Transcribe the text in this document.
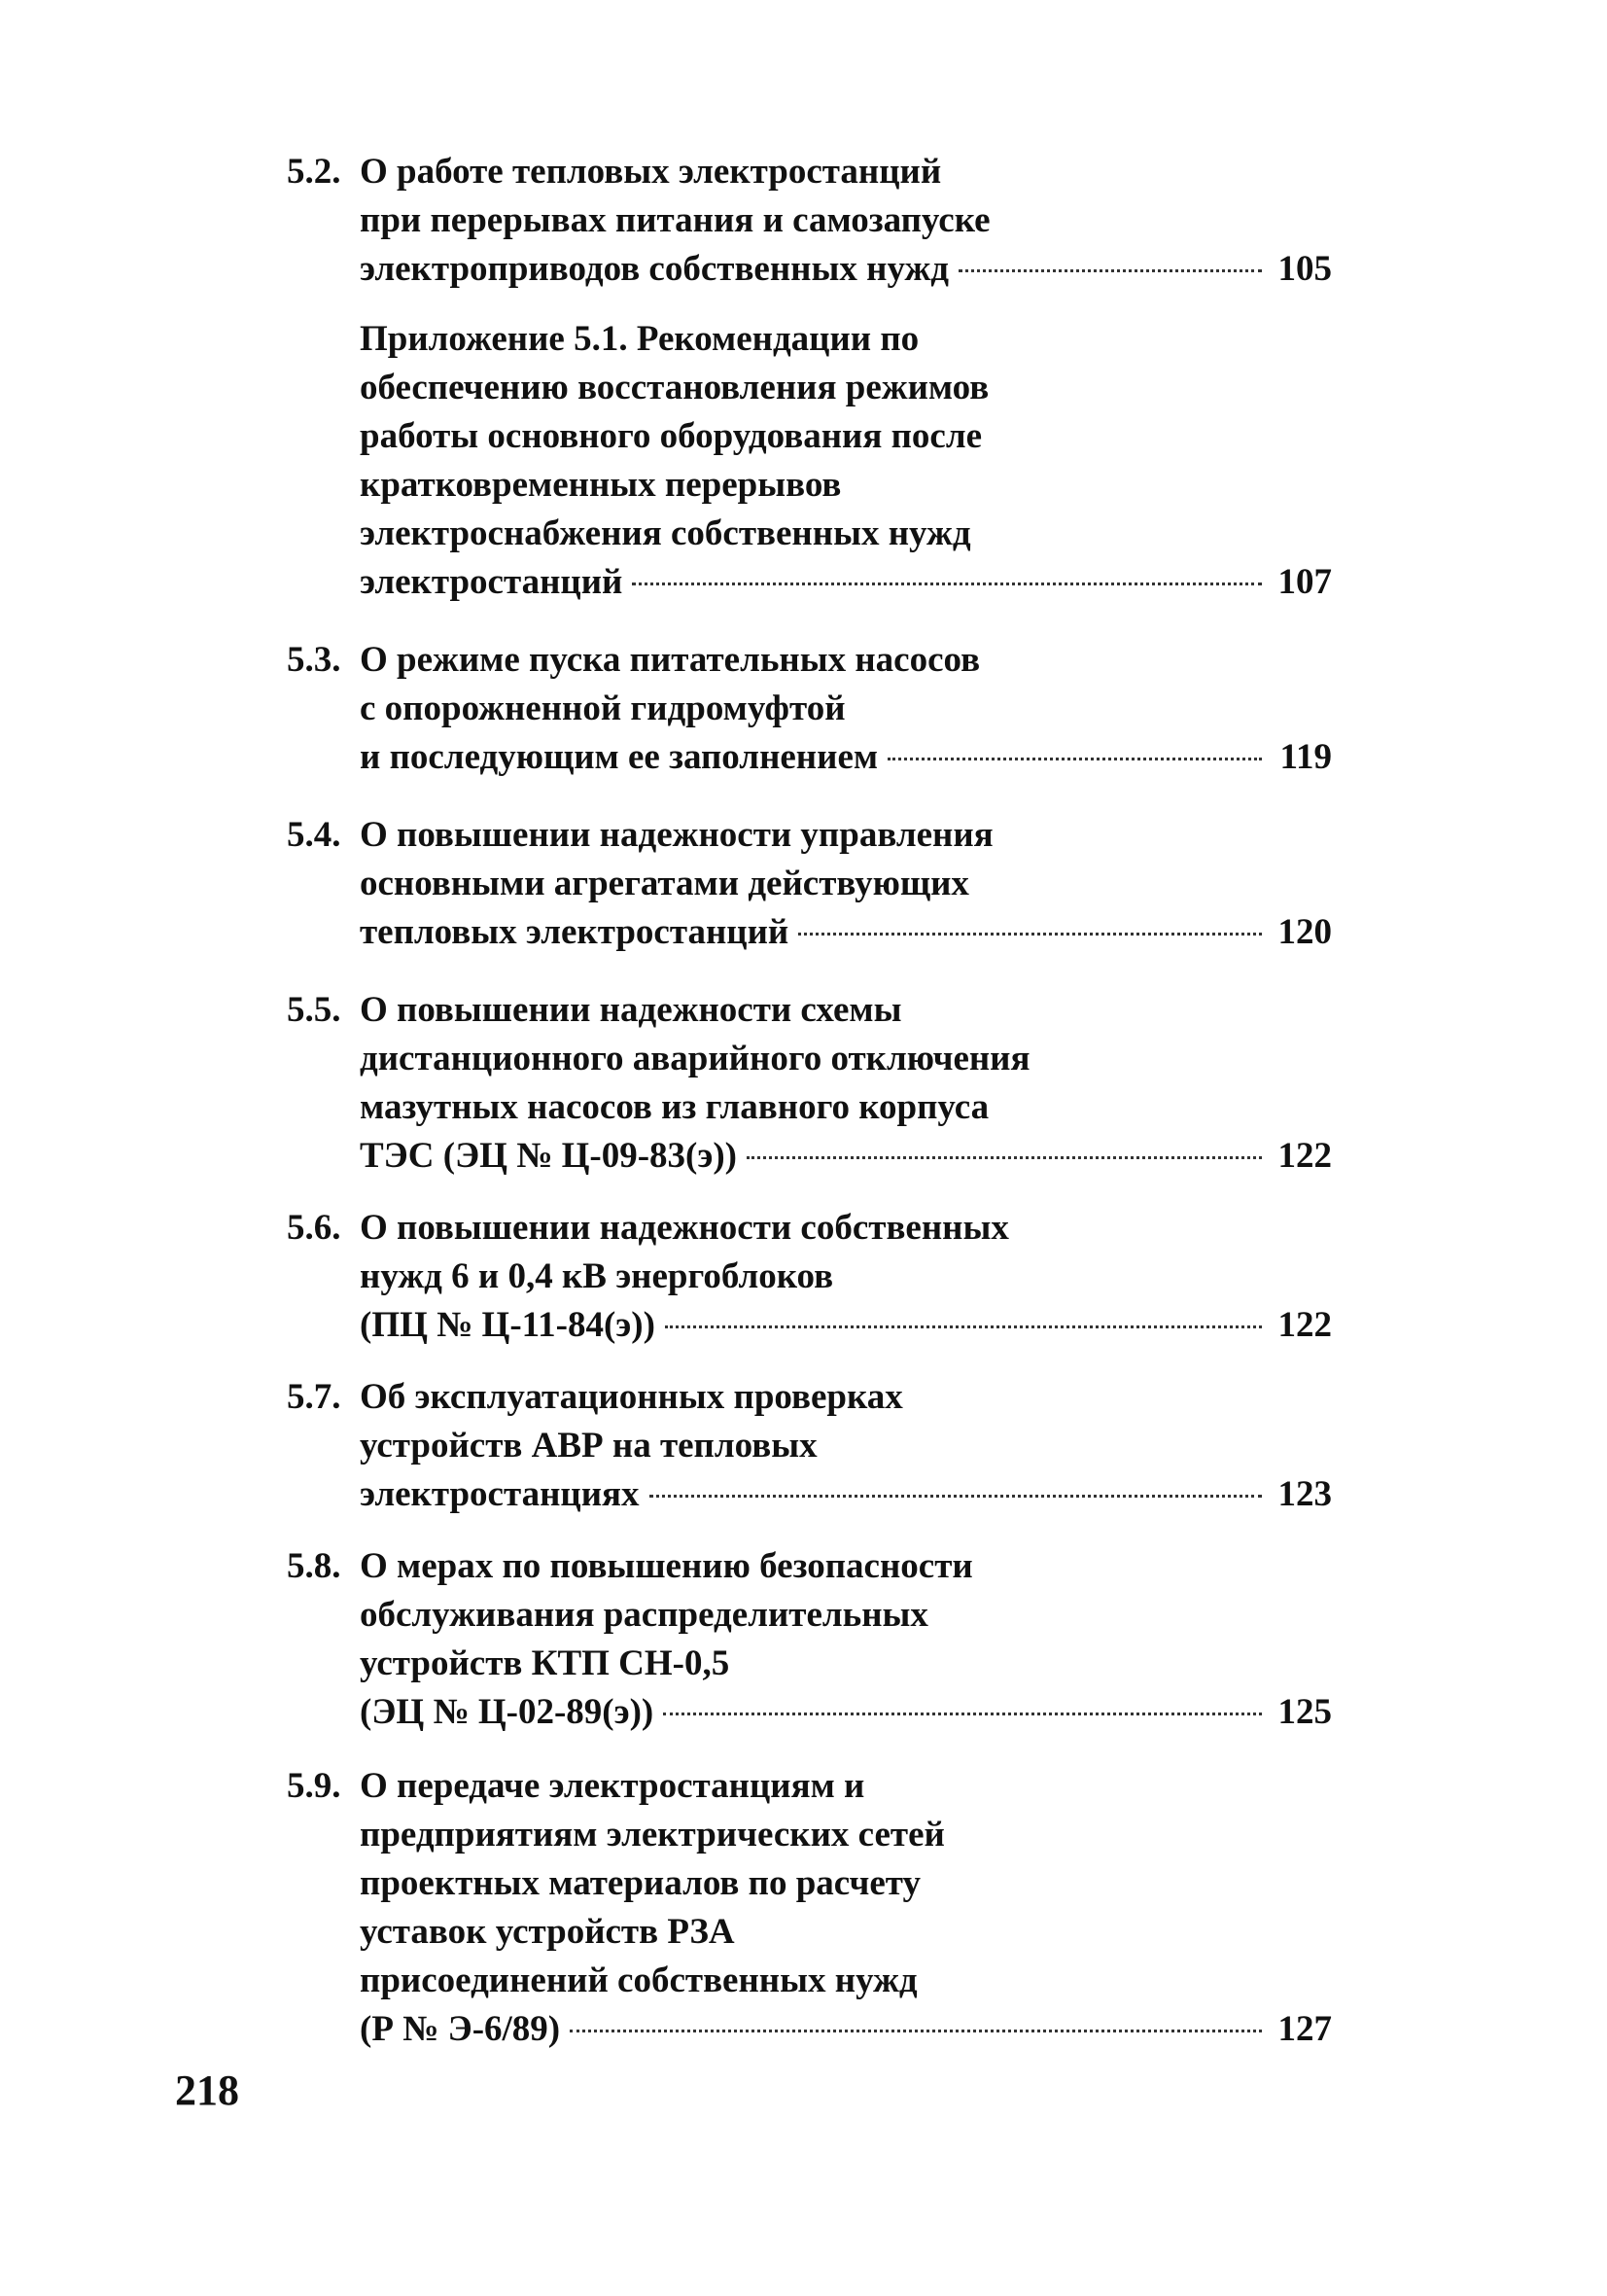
5.2. О работе тепловых электростанций
при перерывах питания и самозапуске
электроприводов собственных нужд	105
Приложение 5.1. Рекомендации по
обеспечению восстановления режимов
работы основного оборудования после
кратковременных перерывов
электроснабжения собственных нужд
электростанций	107
5.3. О режиме пуска питательных насосов
с опорожненной гидромуфтой
и последующим ее заполнением	119
5.4. О повышении надежности управления
основными агрегатами действующих
тепловых электростанций	120
5.5. О повышении надежности схемы
дистанционного аварийного отключения
мазутных насосов из главного корпуса
ТЭС (ЭЦ № Ц-09-83(э))	122
5.6. О повышении надежности собственных
нужд 6 и 0,4 кВ энергоблоков
(ПЦ № Ц-11-84(э))	122
5.7. Об эксплуатационных проверках
устройств АВР на тепловых
электростанциях	123
5.8. О мерах по повышению безопасности
обслуживания распределительных
устройств КТП СН-0,5
(ЭЦ № Ц-02-89(э))	125
5.9. О передаче электростанциям и
предприятиям электрических сетей
проектных материалов по расчету
уставок устройств РЗА
присоединений собственных нужд
(Р № Э-6/89)	127
218
